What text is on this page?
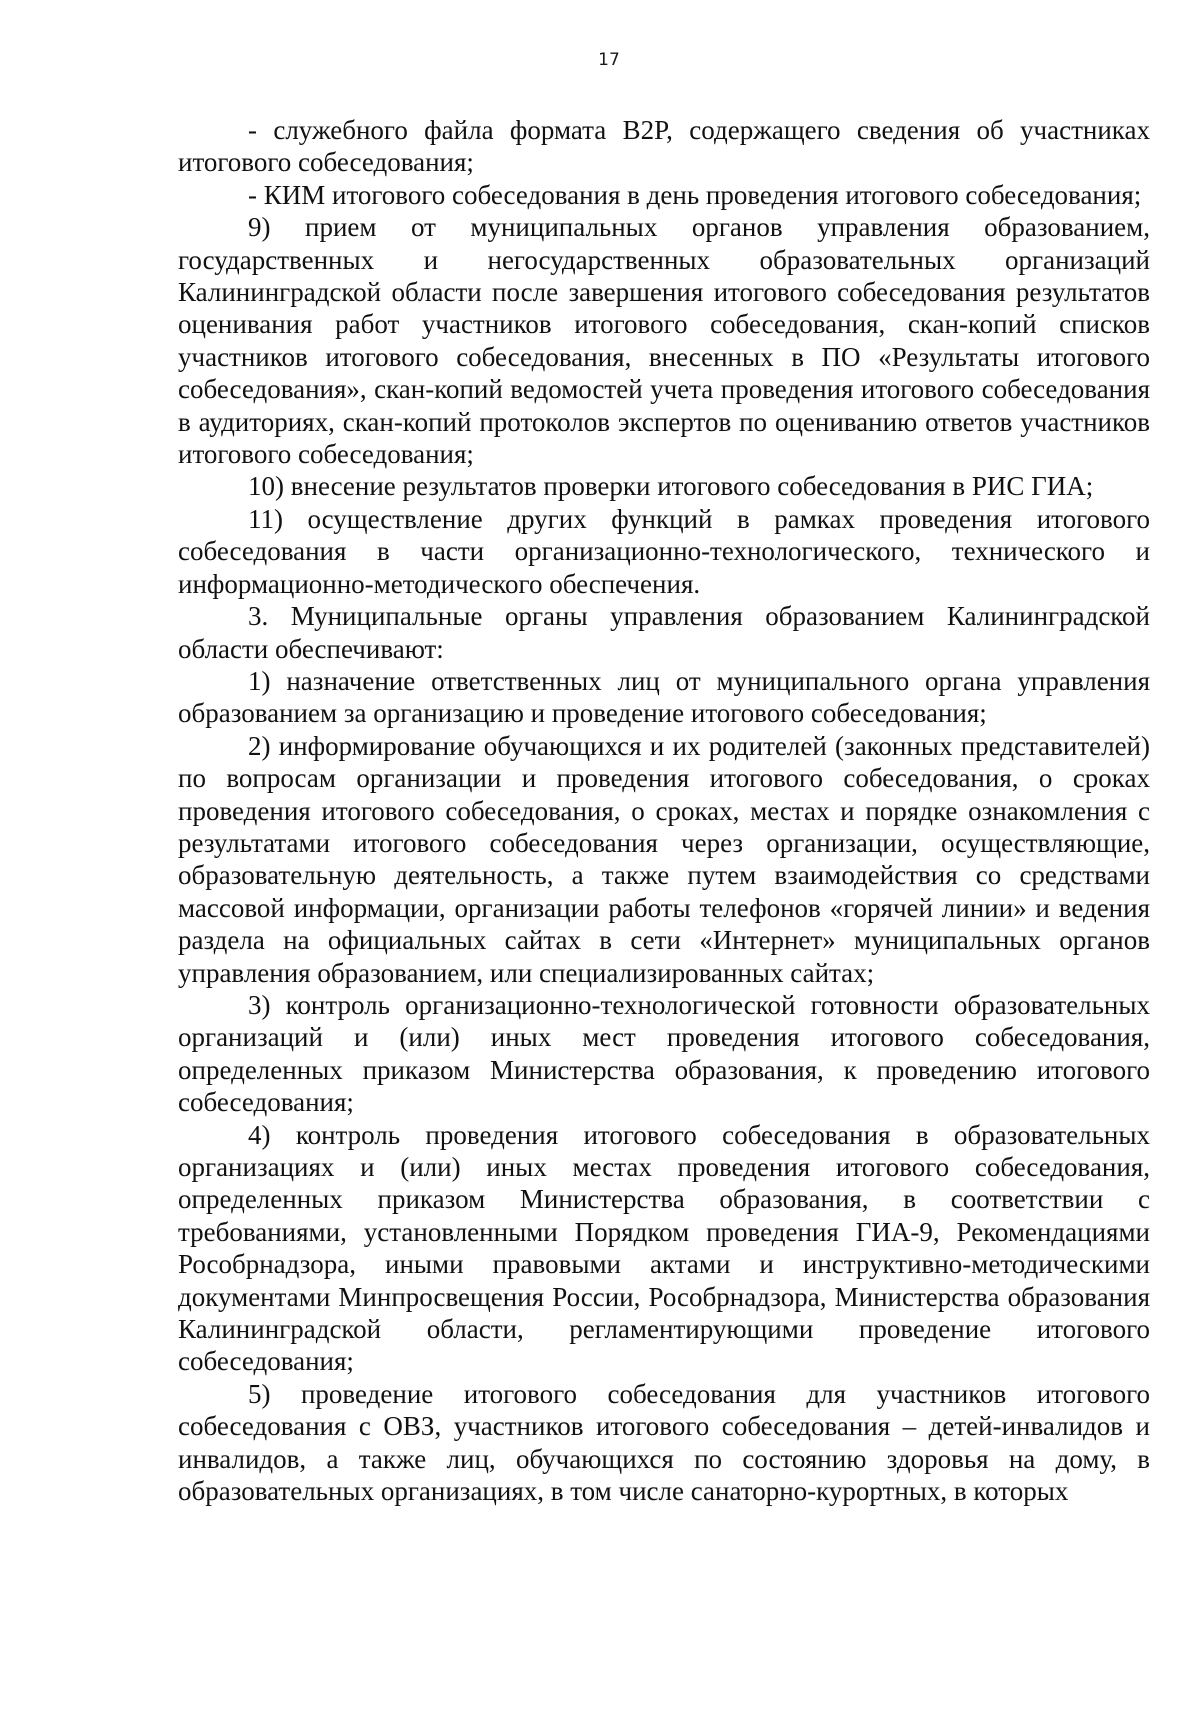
17

- служебного файла формата B2P, содержащего сведения об участниках итогового собеседования;

- КИМ итогового собеседования в день проведения итогового собеседования;

9) прием от муниципальных органов управления образованием, государственных и негосударственных образовательных организаций Калининградской области после завершения итогового собеседования результатов оценивания работ участников итогового собеседования, скан-копий списков участников итогового собеседования, внесенных в ПО «Результаты итогового собеседования», скан-копий ведомостей учета проведения итогового собеседования в аудиториях, скан-копий протоколов экспертов по оцениванию ответов участников итогового собеседования;

10) внесение результатов проверки итогового собеседования в РИС ГИА;

11) осуществление других функций в рамках проведения итогового собеседования в части организационно-технологического, технического и информационно-методического обеспечения.

3. Муниципальные органы управления образованием Калининградской области обеспечивают:

1) назначение ответственных лиц от муниципального органа управления образованием за организацию и проведение итогового собеседования;

2) информирование обучающихся и их родителей (законных представителей) по вопросам организации и проведения итогового собеседования, о сроках проведения итогового собеседования, о сроках, местах и порядке ознакомления с результатами итогового собеседования через организации, осуществляющие, образовательную деятельность, а также путем взаимодействия со средствами массовой информации, организации работы телефонов «горячей линии» и ведения раздела на официальных сайтах в сети «Интернет» муниципальных органов управления образованием, или специализированных сайтах;

3) контроль организационно-технологической готовности образовательных организаций и (или) иных мест проведения итогового собеседования, определенных приказом Министерства образования, к проведению итогового собеседования;

4) контроль проведения итогового собеседования в образовательных организациях и (или) иных местах проведения итогового собеседования, определенных приказом Министерства образования, в соответствии с требованиями, установленными Порядком проведения ГИА-9, Рекомендациями Рособрнадзора, иными правовыми актами и инструктивно-методическими документами Минпросвещения России, Рособрнадзора, Министерства образования Калининградской области, регламентирующими проведение итогового собеседования;

5) проведение итогового собеседования для участников итогового собеседования с ОВЗ, участников итогового собеседования – детей-инвалидов и инвалидов, а также лиц, обучающихся по состоянию здоровья на дому, в образовательных организациях, в том числе санаторно-курортных, в которых
